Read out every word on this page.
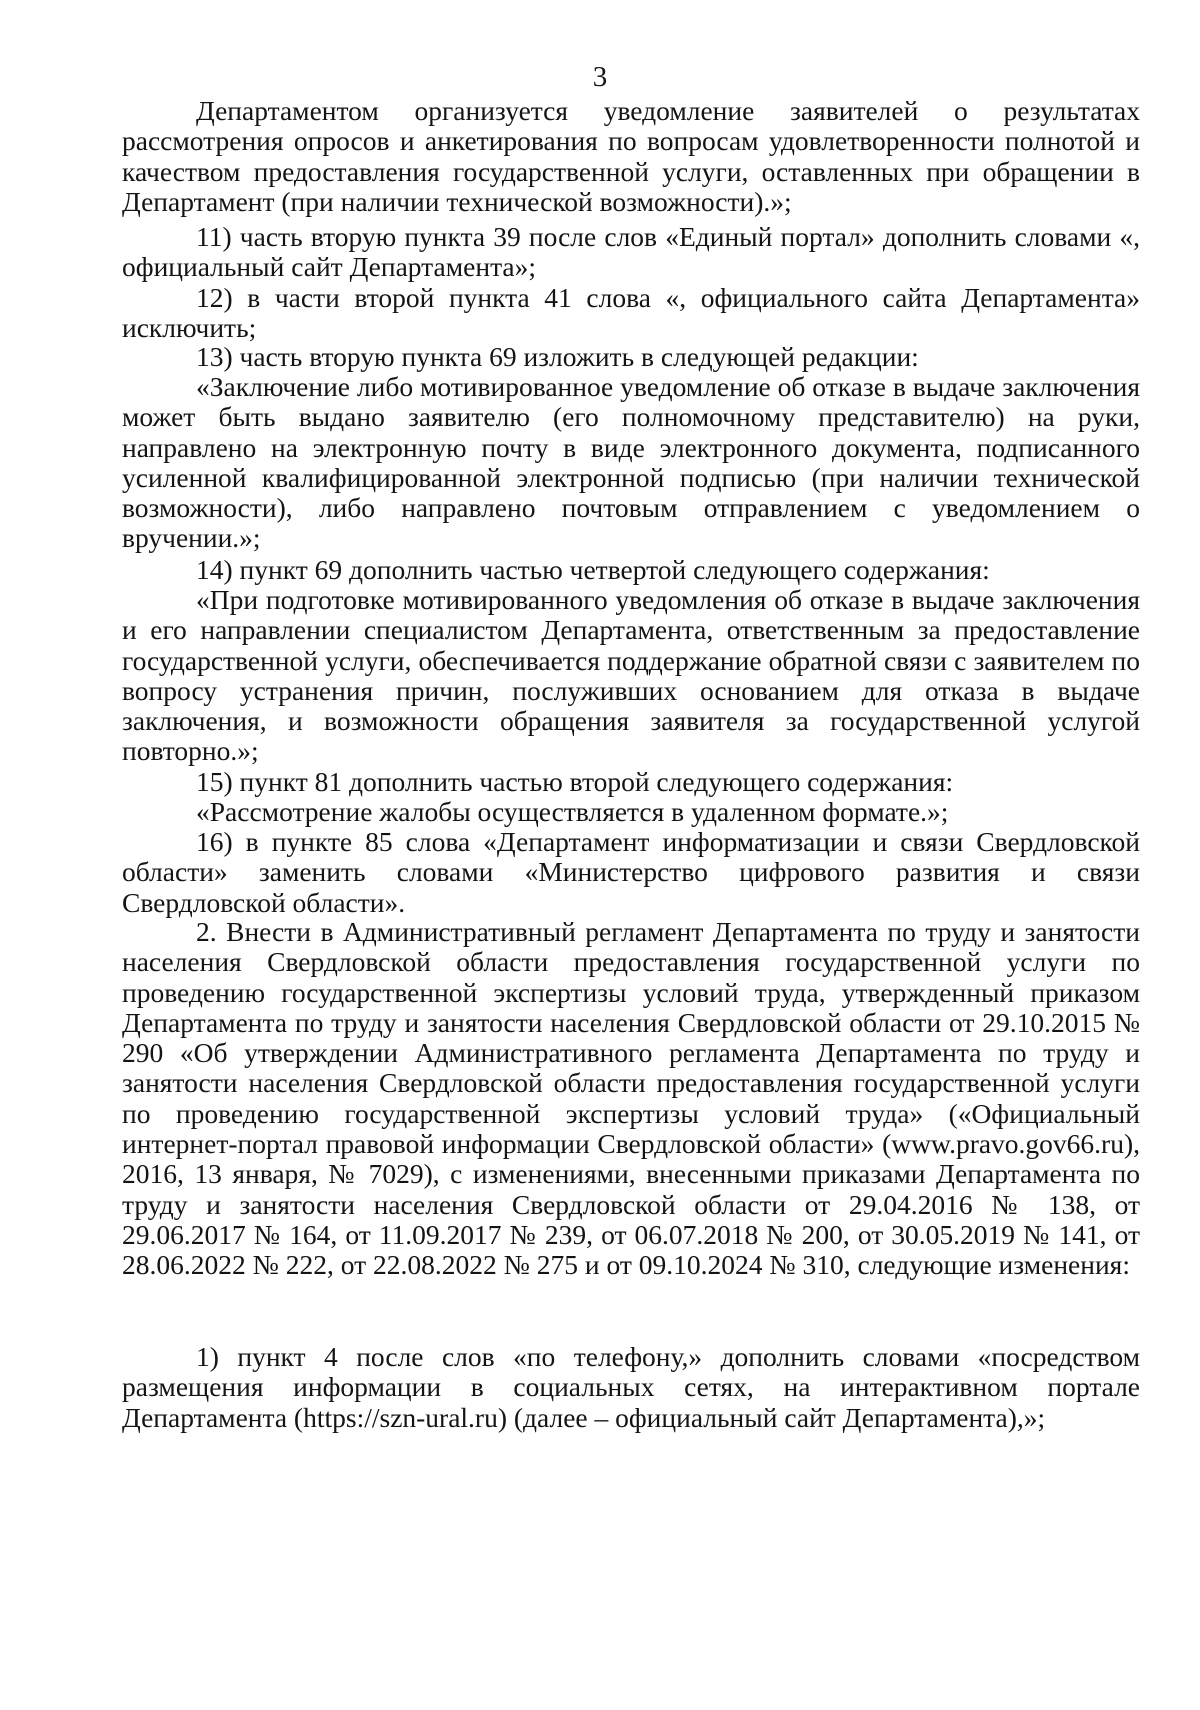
3
Департаментом организуется уведомление заявителей о результатах рассмотрения опросов и анкетирования по вопросам удовлетворенности полнотой и качеством предоставления государственной услуги, оставленных при обращении в Департамент (при наличии технической возможности).»;
11) часть вторую пункта 39 после слов «Единый портал» дополнить словами «, официальный сайт Департамента»;
12) в части второй пункта 41 слова «, официального сайта Департамента» исключить;
13) часть вторую пункта 69 изложить в следующей редакции:
«Заключение либо мотивированное уведомление об отказе в выдаче заключения может быть выдано заявителю (его полномочному представителю) на руки, направлено на электронную почту в виде электронного документа, подписанного усиленной квалифицированной электронной подписью (при наличии технической возможности), либо направлено почтовым отправлением с уведомлением о вручении.»;
14) пункт 69 дополнить частью четвертой следующего содержания:
«При подготовке мотивированного уведомления об отказе в выдаче заключения и его направлении специалистом Департамента, ответственным за предоставление государственной услуги, обеспечивается поддержание обратной связи с заявителем по вопросу устранения причин, послуживших основанием для отказа в выдаче заключения, и возможности обращения заявителя за государственной услугой повторно.»;
15) пункт 81 дополнить частью второй следующего содержания:
«Рассмотрение жалобы осуществляется в удаленном формате.»;
16) в пункте 85 слова «Департамент информатизации и связи Свердловской области» заменить словами «Министерство цифрового развития и связи Свердловской области».
2. Внести в Административный регламент Департамента по труду и занятости населения Свердловской области предоставления государственной услуги по проведению государственной экспертизы условий труда, утвержденный приказом Департамента по труду и занятости населения Свердловской области от 29.10.2015 № 290 «Об утверждении Административного регламента Департамента по труду и занятости населения Свердловской области предоставления государственной услуги по проведению государственной экспертизы условий труда» («Официальный интернет-портал правовой информации Свердловской области» (www.pravo.gov66.ru), 2016, 13 января, № 7029), с изменениями, внесенными приказами Департамента по труду и занятости населения Свердловской области от 29.04.2016 № 138, от 29.06.2017 № 164, от 11.09.2017 № 239, от 06.07.2018 № 200, от 30.05.2019 № 141, от 28.06.2022 № 222, от 22.08.2022 № 275 и от 09.10.2024 № 310, следующие изменения:
1) пункт 4 после слов «по телефону,» дополнить словами «посредством размещения информации в социальных сетях, на интерактивном портале Департамента (https://szn-ural.ru) (далее – официальный сайт Департамента),»;
